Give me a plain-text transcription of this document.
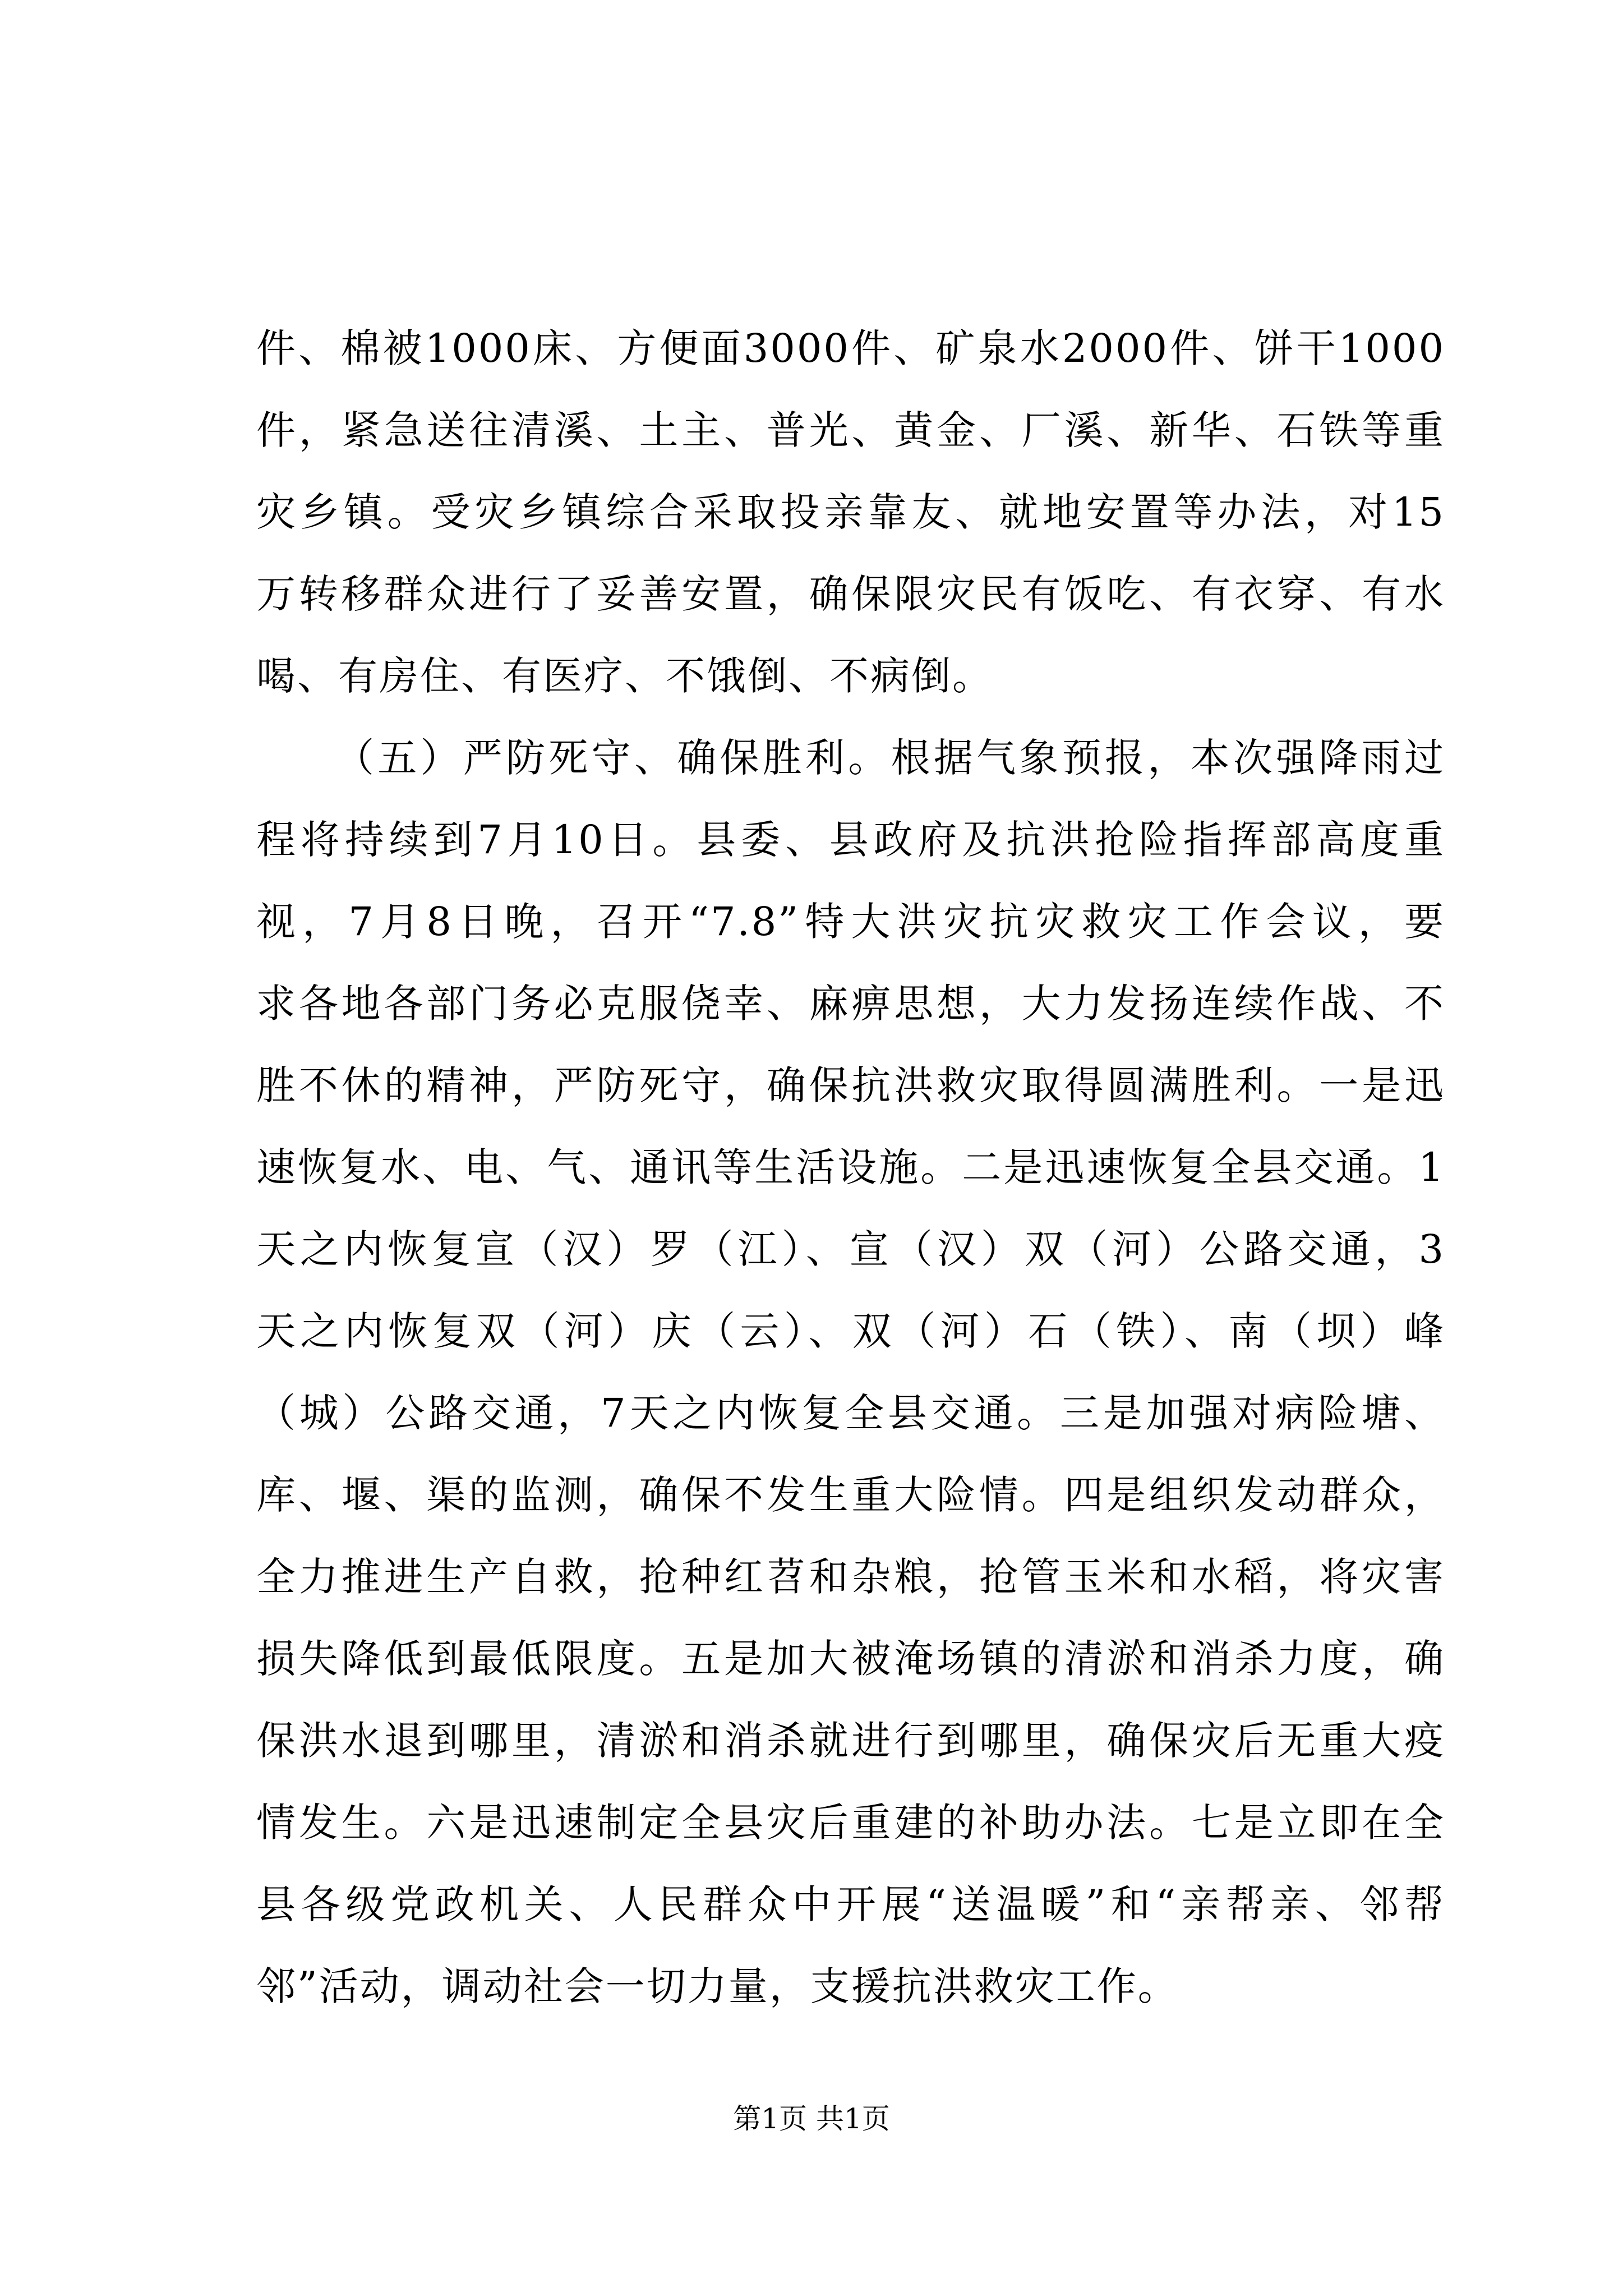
件、棉被1000床、方便面3000件、矿泉水2000件、饼干1000
件，紧急送往清溪、土主、普光、黄金、厂溪、新华、石铁等重
灾乡镇。受灾乡镇综合采取投亲靠友、就地安置等办法，对15
万转移群众进行了妥善安置，确保限灾民有饭吃、有衣穿、有水
喝、有房住、有医疗、不饿倒、不病倒。
（五）严防死守、确保胜利。根据气象预报，本次强降雨过
程将持续到7月10日。县委、县政府及抗洪抢险指挥部高度重
视，7月8日晚，召开“7.8”特大洪灾抗灾救灾工作会议，要
求各地各部门务必克服侥幸、麻痹思想，大力发扬连续作战、不
胜不休的精神，严防死守，确保抗洪救灾取得圆满胜利。一是迅
速恢复水、电、气、通讯等生活设施。二是迅速恢复全县交通。1
天之内恢复宣（汉）罗（江）、宣（汉）双（河）公路交通，3
天之内恢复双（河）庆（云）、双（河）石（铁）、南（坝）峰
（城）公路交通，7天之内恢复全县交通。三是加强对病险塘、
库、堰、渠的监测，确保不发生重大险情。四是组织发动群众，
全力推进生产自救，抢种红苕和杂粮，抢管玉米和水稻，将灾害
损失降低到最低限度。五是加大被淹场镇的清淤和消杀力度，确
保洪水退到哪里，清淤和消杀就进行到哪里，确保灾后无重大疫
情发生。六是迅速制定全县灾后重建的补助办法。七是立即在全
县各级党政机关、人民群众中开展“送温暖”和“亲帮亲、邻帮
邻”活动，调动社会一切力量，支援抗洪救灾工作。
第1页 共1页
